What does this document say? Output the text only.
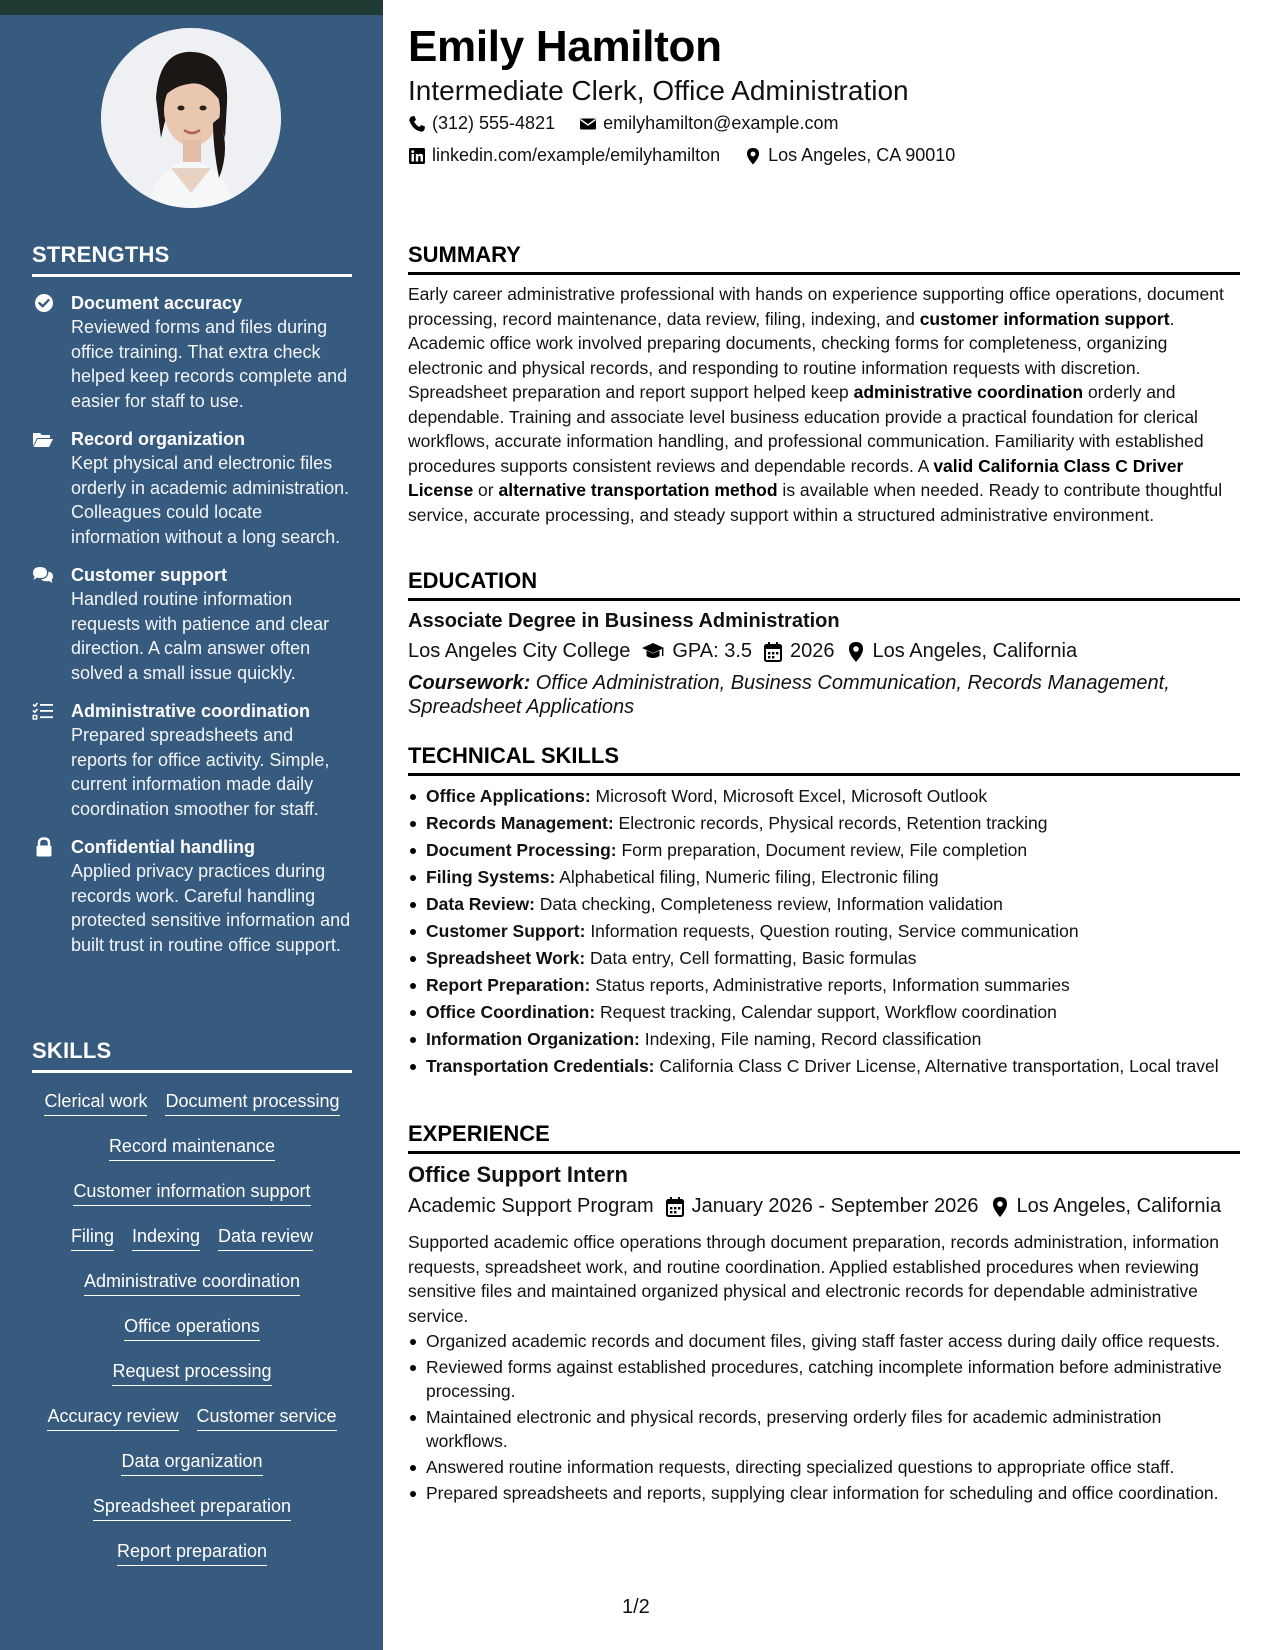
STRENGTHS
Document accuracy
Reviewed forms and files during office training. That extra check helped keep records complete and easier for staff to use.
Record organization
Kept physical and electronic files orderly in academic administration. Colleagues could locate information without a long search.
Customer support
Handled routine information requests with patience and clear direction. A calm answer often solved a small issue quickly.
Administrative coordination
Prepared spreadsheets and reports for office activity. Simple, current information made daily coordination smoother for staff.
Confidential handling
Applied privacy practices during records work. Careful handling protected sensitive information and built trust in routine office support.
SKILLS
Clerical work Document processing
Record maintenance
Customer information support
Filing Indexing Data review
Administrative coordination
Office operations
Request processing
Accuracy review Customer service
Data organization
Spreadsheet preparation
Report preparation
Emily Hamilton
Intermediate Clerk, Office Administration
(312) 555-4821	emilyhamilton@example.com
linkedin.com/example/emilyhamilton	Los Angeles, CA 90010
SUMMARY
Early career administrative professional with hands on experience supporting office operations, document processing, record maintenance, data review, filing, indexing, and customer information support. Academic office work involved preparing documents, checking forms for completeness, organizing electronic and physical records, and responding to routine information requests with discretion. Spreadsheet preparation and report support helped keep administrative coordination orderly and dependable. Training and associate level business education provide a practical foundation for clerical workflows, accurate information handling, and professional communication. Familiarity with established procedures supports consistent reviews and dependable records. A valid California Class C Driver License or alternative transportation method is available when needed. Ready to contribute thoughtful service, accurate processing, and steady support within a structured administrative environment.
EDUCATION
Associate Degree in Business Administration
Los Angeles City College GPA: 3.5 2026 Los Angeles, California
Coursework: Office Administration, Business Communication, Records Management, Spreadsheet Applications
TECHNICAL SKILLS
Office Applications: Microsoft Word, Microsoft Excel, Microsoft Outlook
Records Management: Electronic records, Physical records, Retention tracking
Document Processing: Form preparation, Document review, File completion
Filing Systems: Alphabetical filing, Numeric filing, Electronic filing
Data Review: Data checking, Completeness review, Information validation
Customer Support: Information requests, Question routing, Service communication
Spreadsheet Work: Data entry, Cell formatting, Basic formulas
Report Preparation: Status reports, Administrative reports, Information summaries
Office Coordination: Request tracking, Calendar support, Workflow coordination
Information Organization: Indexing, File naming, Record classification
Transportation Credentials: California Class C Driver License, Alternative transportation, Local travel
EXPERIENCE
Office Support Intern
Academic Support Program January 2026 - September 2026 Los Angeles, California
Supported academic office operations through document preparation, records administration, information requests, spreadsheet work, and routine coordination. Applied established procedures when reviewing sensitive files and maintained organized physical and electronic records for dependable administrative service.
Organized academic records and document files, giving staff faster access during daily office requests.
Reviewed forms against established procedures, catching incomplete information before administrative processing.
Maintained electronic and physical records, preserving orderly files for academic administration workflows.
Answered routine information requests, directing specialized questions to appropriate office staff.
Prepared spreadsheets and reports, supplying clear information for scheduling and office coordination.
1/2
